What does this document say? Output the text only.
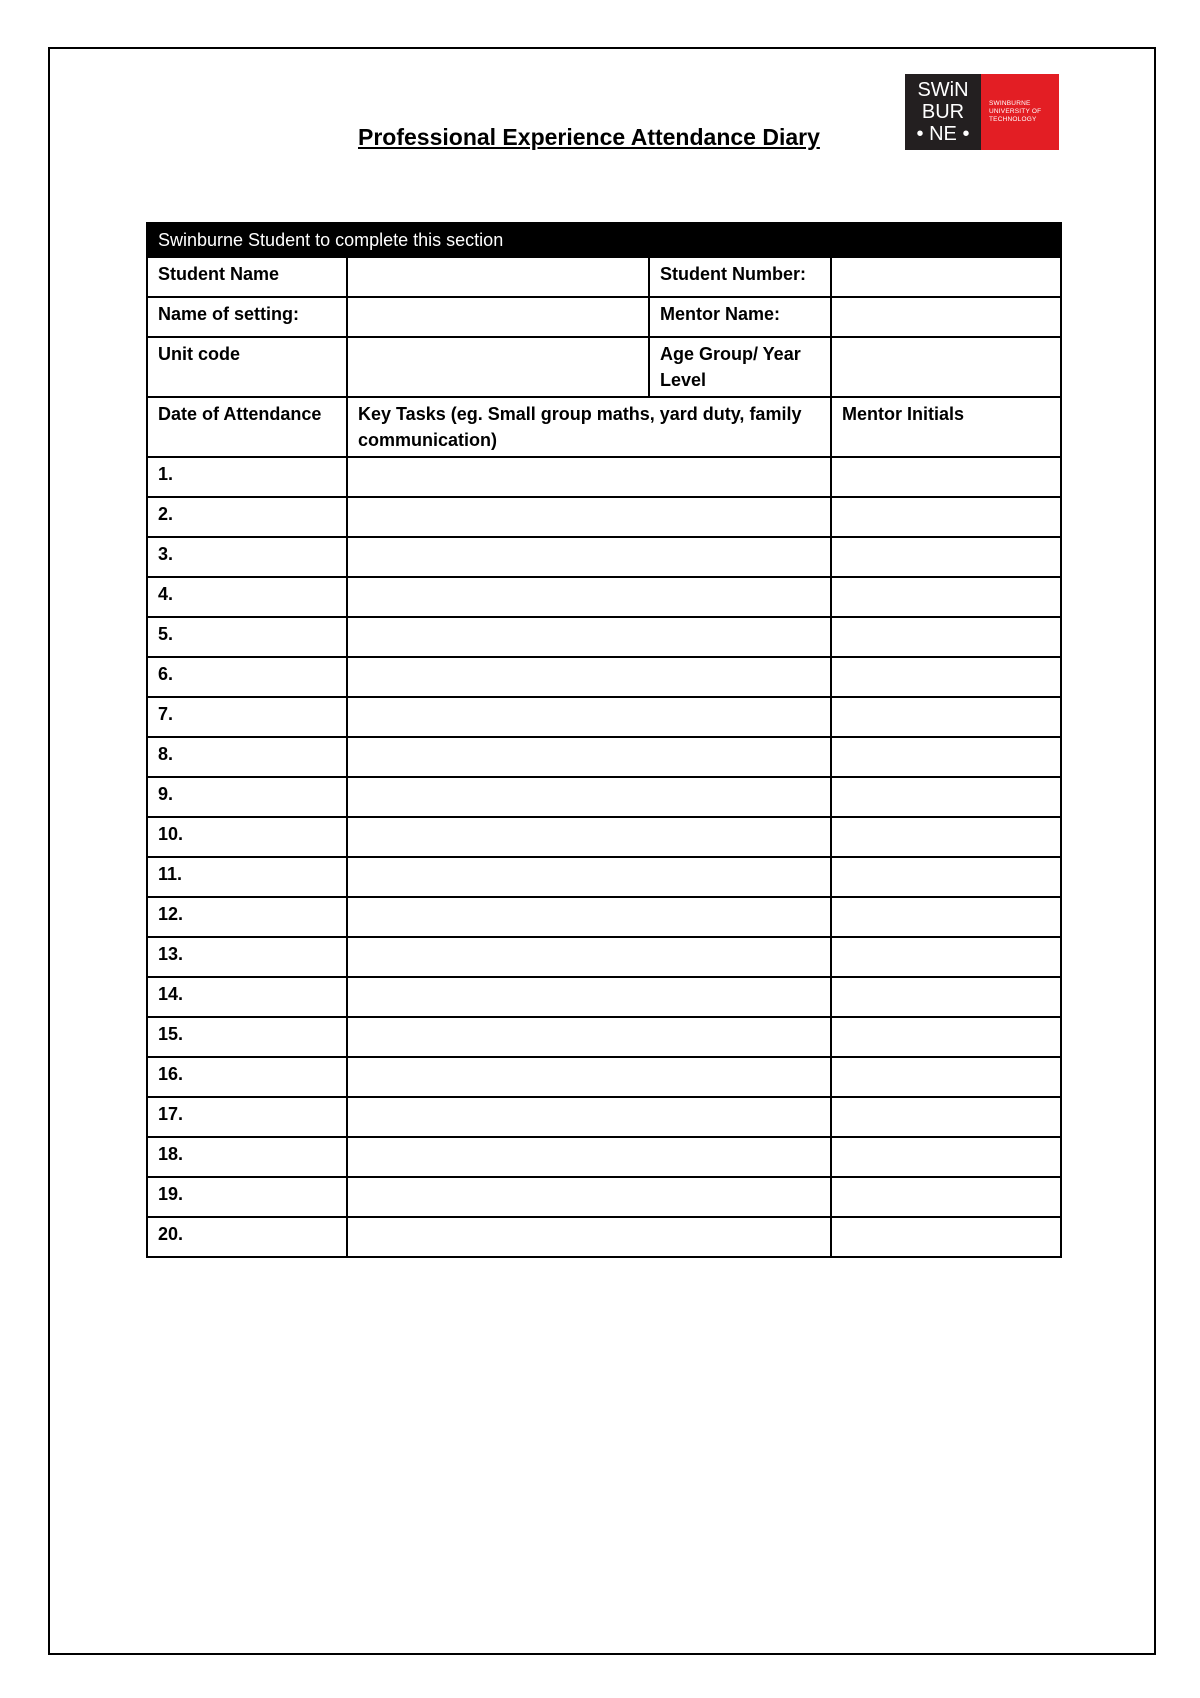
Professional Experience Attendance Diary
SWiN
BUR
• NE •
SWINBURNE
UNIVERSITY OF
TECHNOLOGY
Swinburne Student to complete this section			
Student Name		Student Number:	
Name of setting:		Mentor Name:	
Unit code		Age Group/ Year Level	
Date of Attendance	Key Tasks (eg. Small group maths, yard duty, family communication)		Mentor Initials
1.			
2.			
3.			
4.			
5.			
6.			
7.			
8.			
9.			
10.			
11.			
12.			
13.			
14.			
15.			
16.			
17.			
18.			
19.			
20.			
